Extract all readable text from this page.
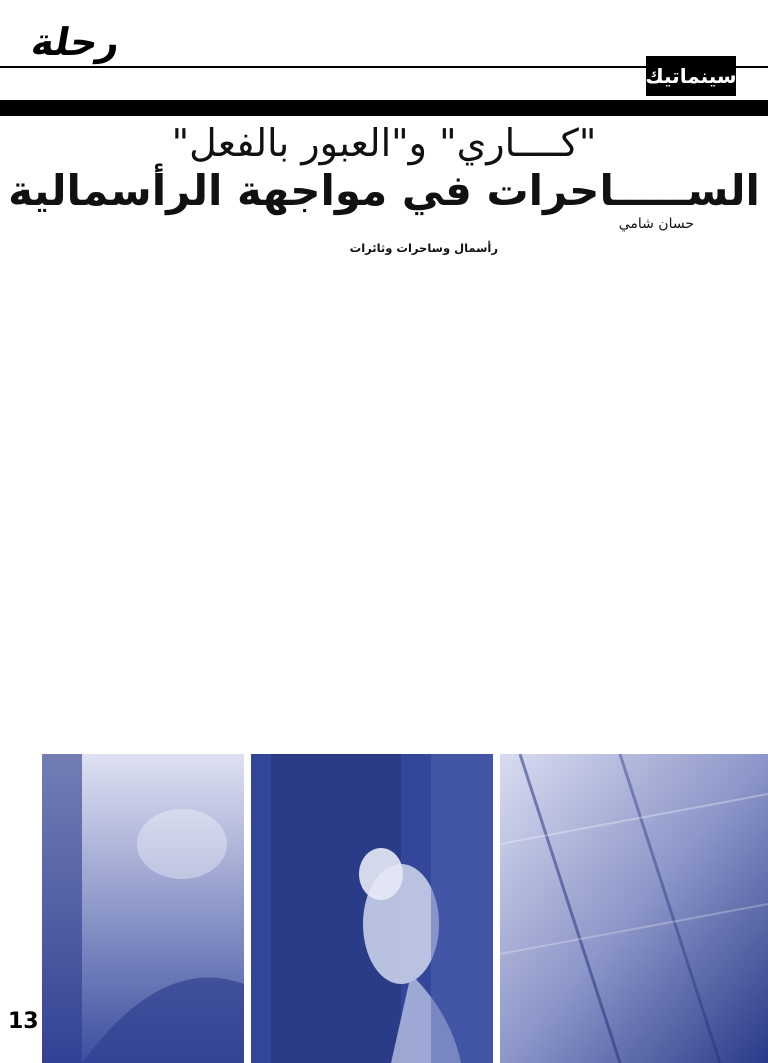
رحلة
سينماتيك
"كــــاري" و"العبور بالفعل"
الســـــاحرات في مواجهة الرأسمالية
حسان شامي
رأسمال وساحرات وثائرات
13
